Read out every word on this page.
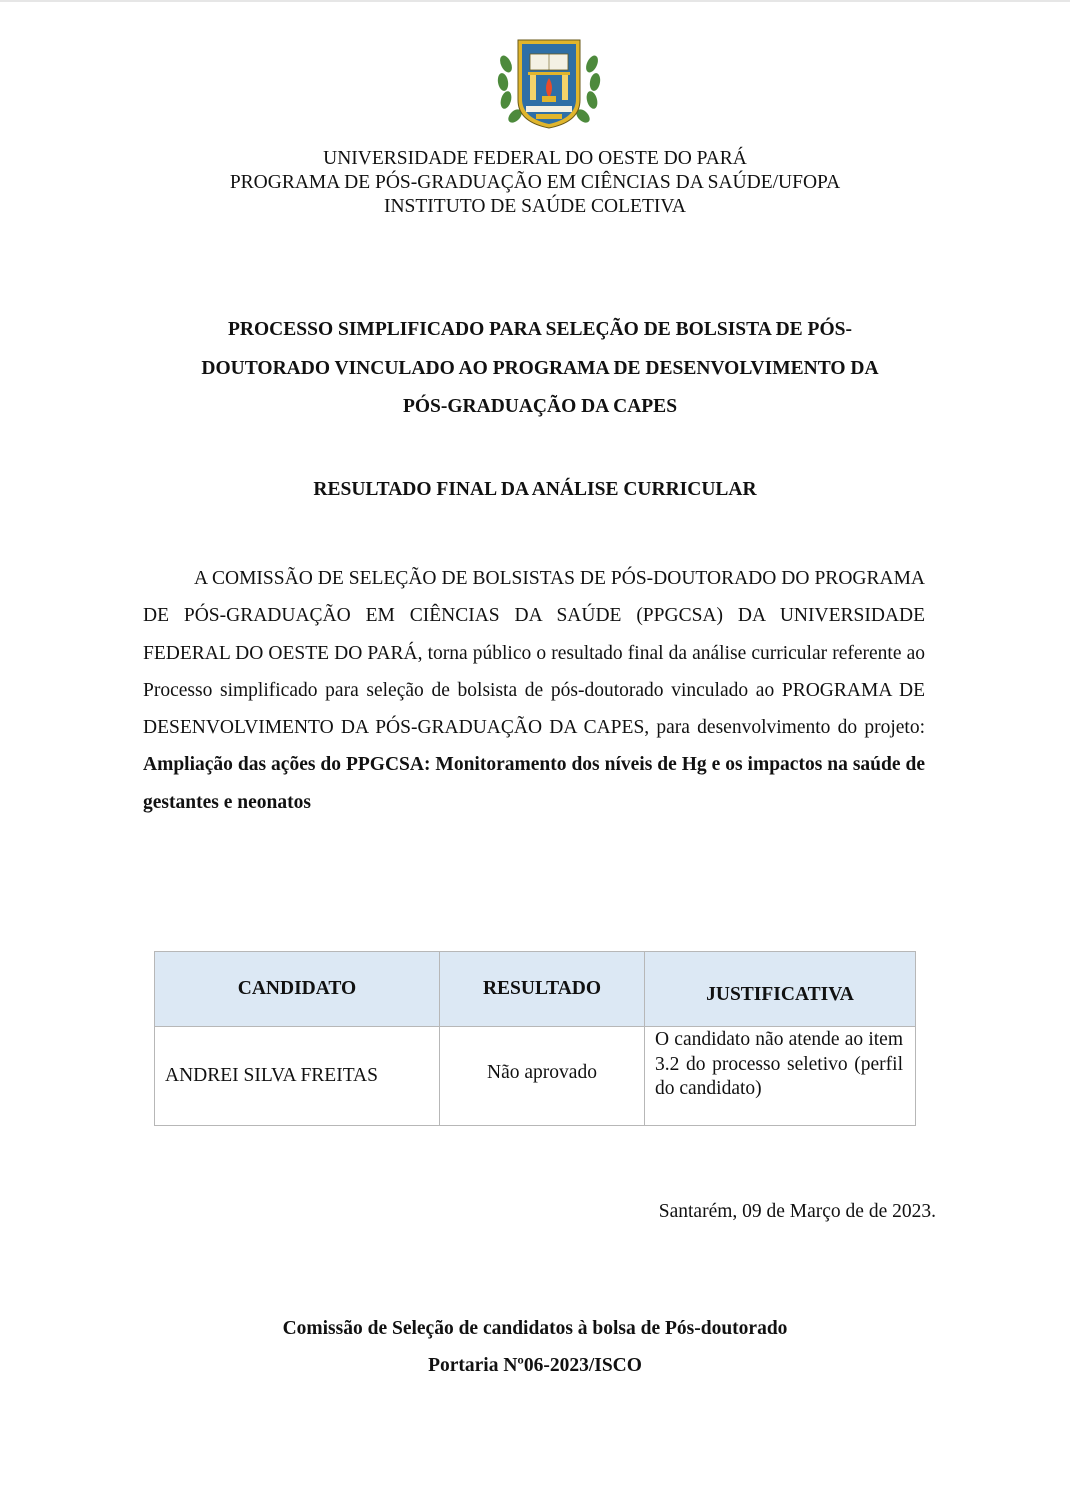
UNIVERSIDADE FEDERAL DO OESTE DO PARÁ
PROGRAMA DE PÓS-GRADUAÇÃO EM CIÊNCIAS DA SAÚDE/UFOPA
INSTITUTO DE SAÚDE COLETIVA
PROCESSO SIMPLIFICADO PARA SELEÇÃO DE BOLSISTA DE PÓS-
DOUTORADO VINCULADO AO PROGRAMA DE DESENVOLVIMENTO DA
PÓS-GRADUAÇÃO DA CAPES
RESULTADO FINAL DA ANÁLISE CURRICULAR
A COMISSÃO DE SELEÇÃO DE BOLSISTAS DE PÓS-DOUTORADO DO PROGRAMA DE PÓS-GRADUAÇÃO EM CIÊNCIAS DA SAÚDE (PPGCSA) DA UNIVERSIDADE FEDERAL DO OESTE DO PARÁ, torna público o resultado final da análise curricular referente ao Processo simplificado para seleção de bolsista de pós-doutorado vinculado ao PROGRAMA DE DESENVOLVIMENTO DA PÓS-GRADUAÇÃO DA CAPES, para desenvolvimento do projeto: Ampliação das ações do PPGCSA: Monitoramento dos níveis de Hg e os impactos na saúde de gestantes e neonatos
CANDIDATO	RESULTADO	JUSTIFICATIVA
ANDREI SILVA FREITAS	Não aprovado	O candidato não atende ao item 3.2 do processo seletivo (perfil do candidato)
Santarém, 09 de Março de de 2023.
Comissão de Seleção de candidatos à bolsa de Pós-doutorado
Portaria Nº06-2023/ISCO
